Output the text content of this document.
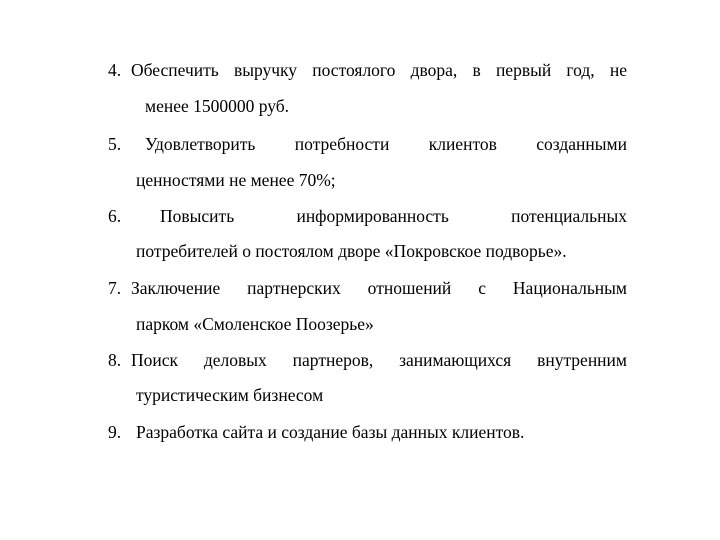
4. Обеспечить выручку постоялого двора, в первый год, не
менее 1500000 руб.
5. Удовлетворить потребности клиентов созданными
ценностями не менее 70%;
6. Повысить информированность потенциальных
потребителей о постоялом дворе «Покровское подворье».
7. Заключение партнерских отношений с Национальным
парком «Смоленское Поозерье»
8. Поиск деловых партнеров, занимающихся внутренним
туристическим бизнесом
9. Разработка сайта и создание базы данных клиентов.
